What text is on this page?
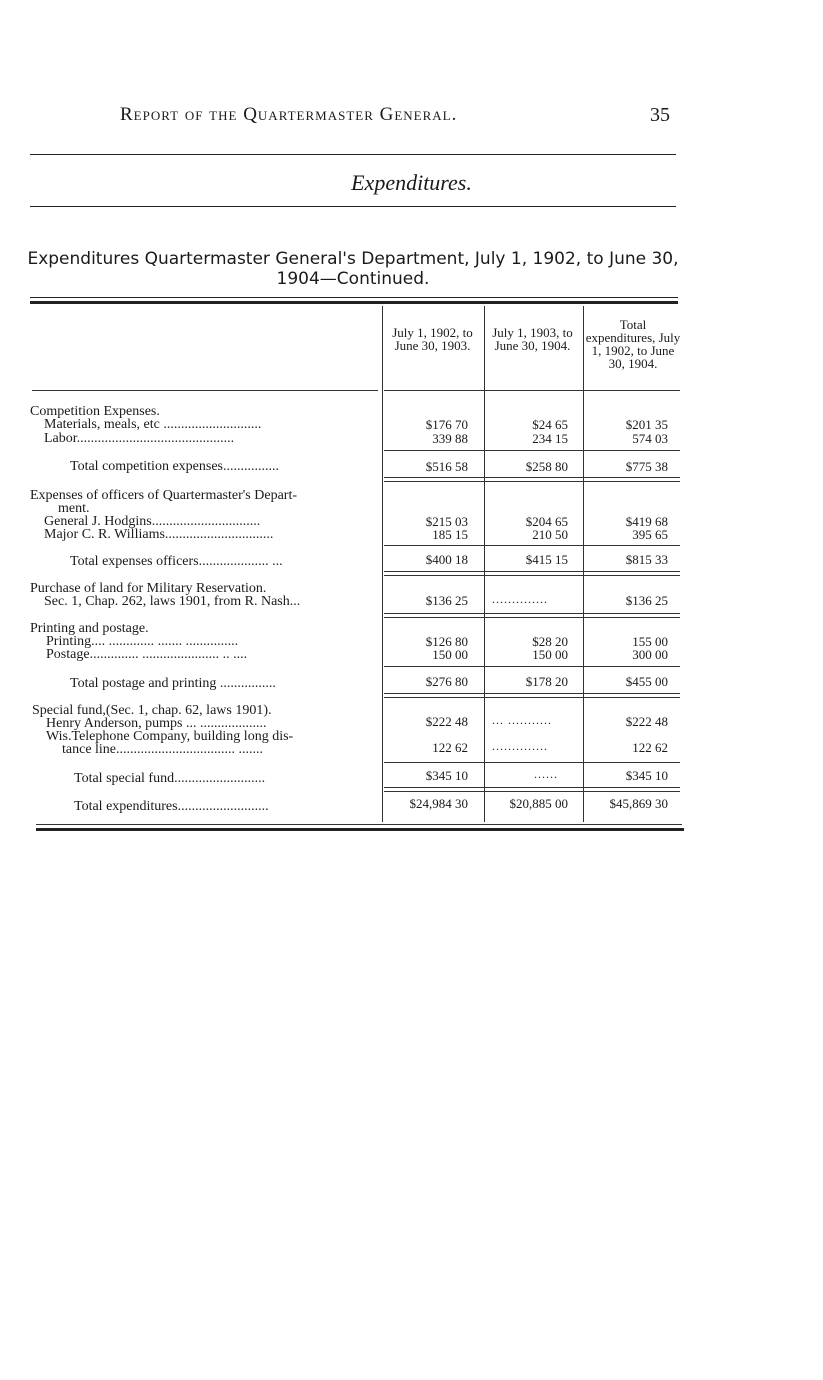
Report of the Quartermaster General.	35
Expenditures.
Expenditures Quartermaster General's Department, July 1, 1902, to June 30, 1904—Continued.
July 1, 1902, to June 30, 1903.
July 1, 1903, to June 30, 1904.
Total expenditures, July 1, 1902, to June 30, 1904.
Competition Expenses.
Materials, meals, etc ............................	$176 70	$24 65	$201 35
Labor.............................................	339 88	234 15	574 03
Total competition expenses................	$516 58	$258 80	$775 38
Expenses of officers of Quartermaster's Depart-
ment.
General J. Hodgins...............................	$215 03	$204 65	$419 68
Major C. R. Williams...............................	185 15	210 50	395 65
Total expenses officers.................... ...	$400 18	$415 15	$815 33
Purchase of land for Military Reservation.
Sec. 1, Chap. 262, laws 1901, from R. Nash...	$136 25 ..............	$136 25
Printing and postage.
Printing.... ............. ....... ...............	$126 80	$28 20	155 00
Postage.............. ...................... .. ....	150 00	150 00	300 00
Total postage and printing ................	$276 80	$178 20	$455 00
Special fund,(Sec. 1, chap. 62, laws 1901).
Henry Anderson, pumps ... ...................	$222 48 ... ...........	$222 48
Wis.Telephone Company, building long dis-
tance line.................................. .......	122 62 ..............	122 62
Total special fund..........................	$345 10	......	$345 10
Total expenditures..........................	$24,984 30	$20,885 00	$45,869 30
